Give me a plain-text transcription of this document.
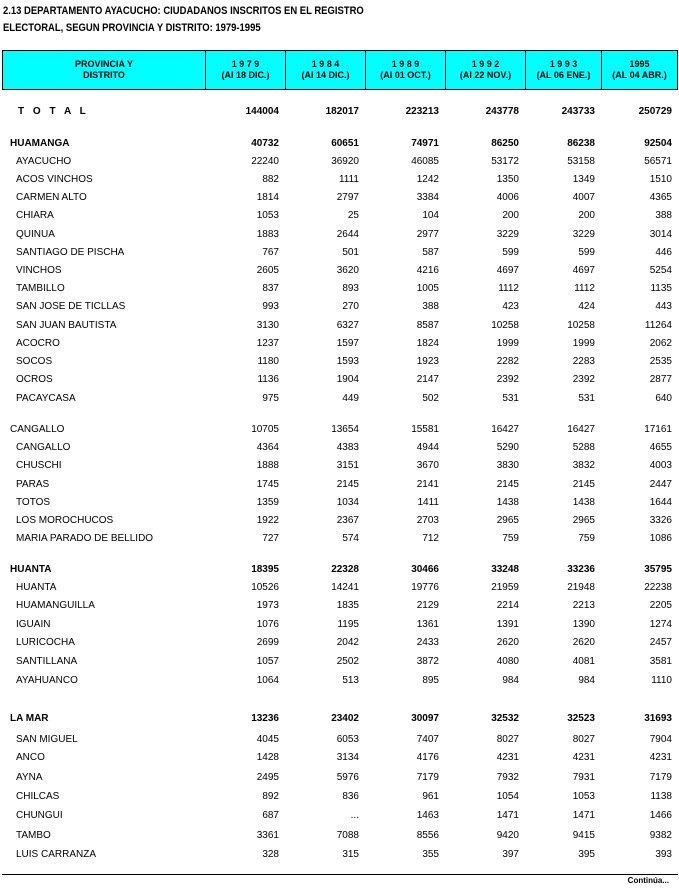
2.13 DEPARTAMENTO AYACUCHO: CIUDADANOS INSCRITOS EN EL REGISTRO
ELECTORAL, SEGUN PROVINCIA Y DISTRITO: 1979-1995
PROVINCIA Y
DISTRITO
1 9 7 9
(Al 18 DIC.)
1 9 8 4
(Al 14 DIC.)
1 9 8 9
(Al 01 OCT.)
1 9 9 2
(Al 22 NOV.)
1 9 9 3
(AL 06 ENE.)
1995
(AL 04 ABR.)
T O T A L	144004	182017	223213	243778	243733	250729
HUAMANGA	40732	60651	74971	86250	86238	92504
AYACUCHO	22240	36920	46085	53172	53158	56571
ACOS VINCHOS	882	1111	1242	1350	1349	1510
CARMEN ALTO	1814	2797	3384	4006	4007	4365
CHIARA	1053	25	104	200	200	388
QUINUA	1883	2644	2977	3229	3229	3014
SANTIAGO DE PISCHA	767	501	587	599	599	446
VINCHOS	2605	3620	4216	4697	4697	5254
TAMBILLO	837	893	1005	1112	1112	1135
SAN JOSE DE TICLLAS	993	270	388	423	424	443
SAN JUAN BAUTISTA	3130	6327	8587	10258	10258	11264
ACOCRO	1237	1597	1824	1999	1999	2062
SOCOS	1180	1593	1923	2282	2283	2535
OCROS	1136	1904	2147	2392	2392	2877
PACAYCASA	975	449	502	531	531	640
CANGALLO	10705	13654	15581	16427	16427	17161
CANGALLO	4364	4383	4944	5290	5288	4655
CHUSCHI	1888	3151	3670	3830	3832	4003
PARAS	1745	2145	2141	2145	2145	2447
TOTOS	1359	1034	1411	1438	1438	1644
LOS MOROCHUCOS	1922	2367	2703	2965	2965	3326
MARIA PARADO DE BELLIDO	727	574	712	759	759	1086
HUANTA	18395	22328	30466	33248	33236	35795
HUANTA	10526	14241	19776	21959	21948	22238
HUAMANGUILLA	1973	1835	2129	2214	2213	2205
IGUAIN	1076	1195	1361	1391	1390	1274
LURICOCHA	2699	2042	2433	2620	2620	2457
SANTILLANA	1057	2502	3872	4080	4081	3581
AYAHUANCO	1064	513	895	984	984	1110
LA MAR	13236	23402	30097	32532	32523	31693
SAN MIGUEL	4045	6053	7407	8027	8027	7904
ANCO	1428	3134	4176	4231	4231	4231
AYNA	2495	5976	7179	7932	7931	7179
CHILCAS	892	836	961	1054	1053	1138
CHUNGUI	687	...	1463	1471	1471	1466
TAMBO	3361	7088	8556	9420	9415	9382
LUIS CARRANZA	328	315	355	397	395	393
Continúa...
